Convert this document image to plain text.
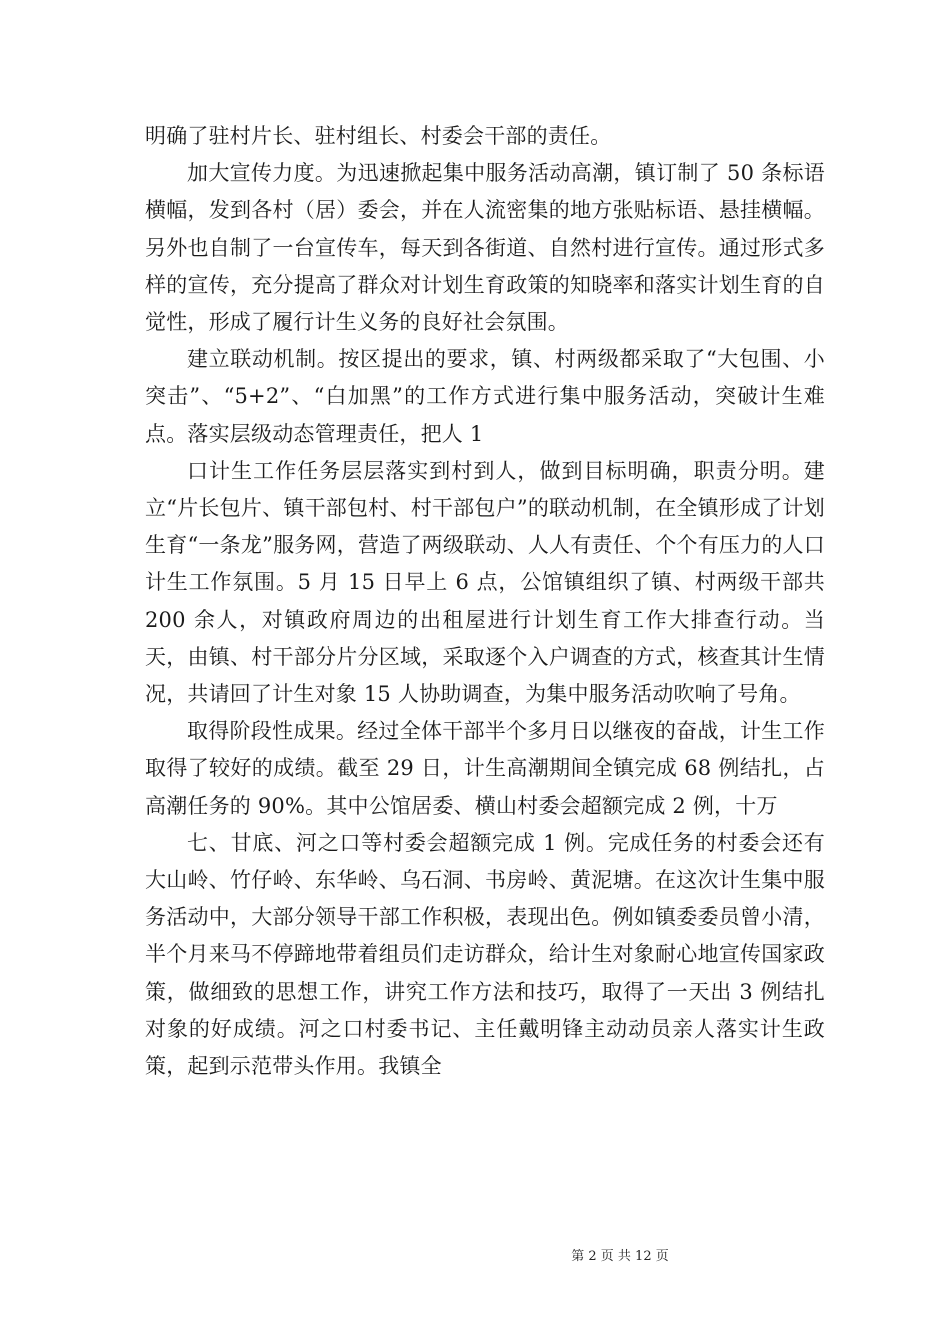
明确了驻村片长、驻村组长、村委会干部的责任。

加大宣传力度。为迅速掀起集中服务活动高潮，镇订制了 50 条标语横幅，发到各村（居）委会，并在人流密集的地方张贴标语、悬挂横幅。另外也自制了一台宣传车，每天到各街道、自然村进行宣传。通过形式多样的宣传，充分提高了群众对计划生育政策的知晓率和落实计划生育的自觉性，形成了履行计生义务的良好社会氛围。

建立联动机制。按区提出的要求，镇、村两级都采取了“大包围、小突击”、“5+2”、“白加黑”的工作方式进行集中服务活动，突破计生难点。落实层级动态管理责任，把人 1

口计生工作任务层层落实到村到人，做到目标明确，职责分明。建立“片长包片、镇干部包村、村干部包户”的联动机制，在全镇形成了计划生育“一条龙”服务网，营造了两级联动、人人有责任、个个有压力的人口计生工作氛围。5 月 15 日早上 6 点，公馆镇组织了镇、村两级干部共 200 余人，对镇政府周边的出租屋进行计划生育工作大排查行动。当天，由镇、村干部分片分区域，采取逐个入户调查的方式，核查其计生情况，共请回了计生对象 15 人协助调查，为集中服务活动吹响了号角。

取得阶段性成果。经过全体干部半个多月日以继夜的奋战，计生工作取得了较好的成绩。截至 29 日，计生高潮期间全镇完成 68 例结扎，占高潮任务的 90%。其中公馆居委、横山村委会超额完成 2 例，十万

七、甘底、河之口等村委会超额完成 1 例。完成任务的村委会还有大山岭、竹仔岭、东华岭、乌石洞、书房岭、黄泥塘。在这次计生集中服务活动中，大部分领导干部工作积极，表现出色。例如镇委委员曾小清，半个月来马不停蹄地带着组员们走访群众，给计生对象耐心地宣传国家政策，做细致的思想工作，讲究工作方法和技巧，取得了一天出 3 例结扎对象的好成绩。河之口村委书记、主任戴明锋主动动员亲人落实计生政策，起到示范带头作用。我镇全

第 2 页 共 12 页
